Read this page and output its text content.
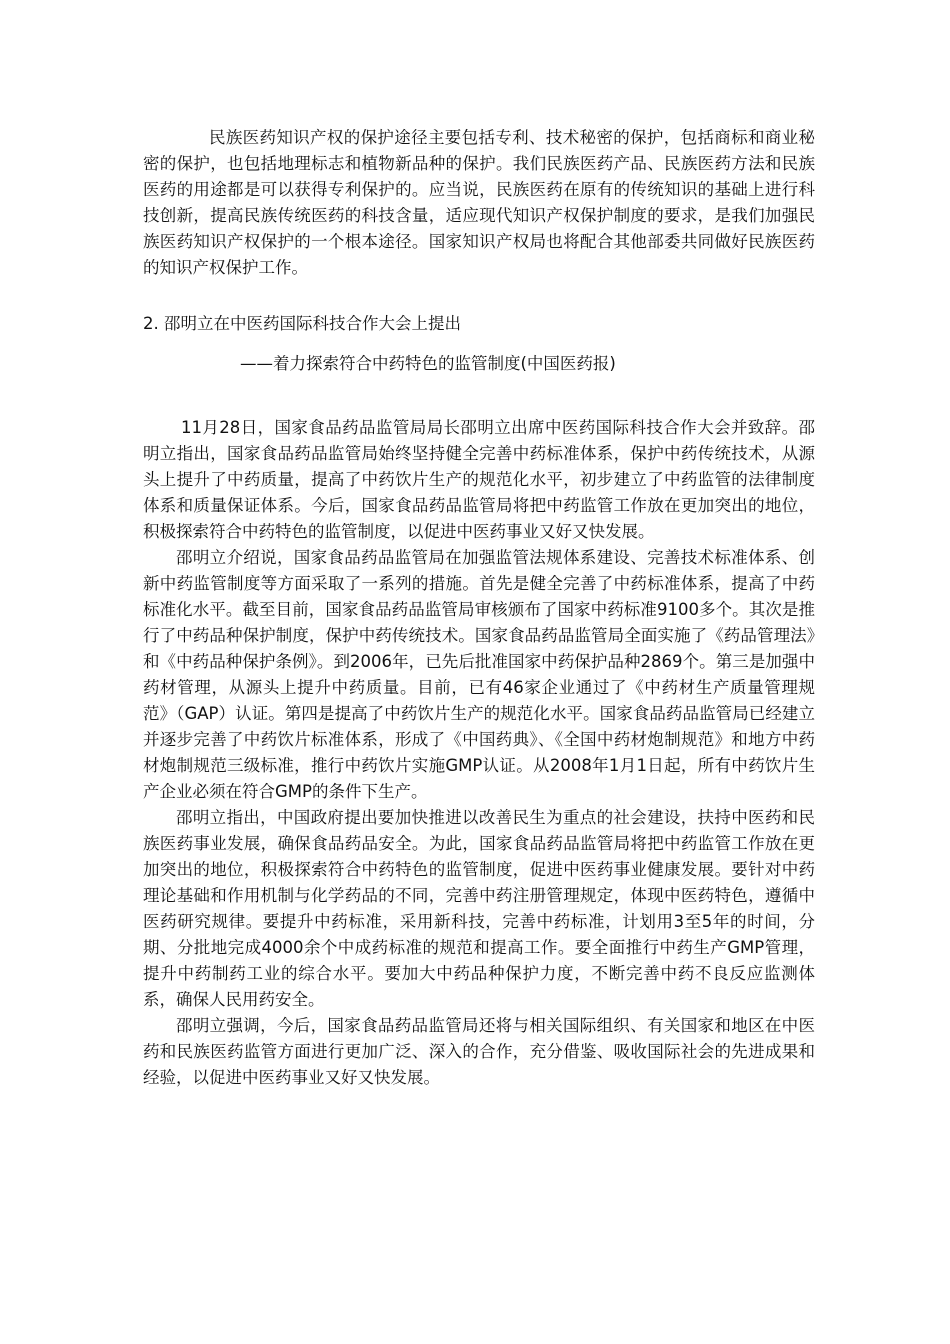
民族医药知识产权的保护途径主要包括专利、技术秘密的保护，包括商标和商业秘密的保护，也包括地理标志和植物新品种的保护。我们民族医药产品、民族医药方法和民族医药的用途都是可以获得专利保护的。应当说，民族医药在原有的传统知识的基础上进行科技创新，提高民族传统医药的科技含量，适应现代知识产权保护制度的要求，是我们加强民族医药知识产权保护的一个根本途径。国家知识产权局也将配合其他部委共同做好民族医药的知识产权保护工作。

2. 邵明立在中医药国际科技合作大会上提出

——着力探索符合中药特色的监管制度(中国医药报)

11月28日，国家食品药品监管局局长邵明立出席中医药国际科技合作大会并致辞。邵明立指出，国家食品药品监管局始终坚持健全完善中药标准体系，保护中药传统技术，从源头上提升了中药质量，提高了中药饮片生产的规范化水平，初步建立了中药监管的法律制度体系和质量保证体系。今后，国家食品药品监管局将把中药监管工作放在更加突出的地位，积极探索符合中药特色的监管制度，以促进中医药事业又好又快发展。

邵明立介绍说，国家食品药品监管局在加强监管法规体系建设、完善技术标准体系、创新中药监管制度等方面采取了一系列的措施。首先是健全完善了中药标准体系，提高了中药标准化水平。截至目前，国家食品药品监管局审核颁布了国家中药标准9100多个。其次是推行了中药品种保护制度，保护中药传统技术。国家食品药品监管局全面实施了《药品管理法》和《中药品种保护条例》。到2006年，已先后批准国家中药保护品种2869个。第三是加强中药材管理，从源头上提升中药质量。目前，已有46家企业通过了《中药材生产质量管理规范》（GAP）认证。第四是提高了中药饮片生产的规范化水平。国家食品药品监管局已经建立并逐步完善了中药饮片标准体系，形成了《中国药典》、《全国中药材炮制规范》和地方中药材炮制规范三级标准，推行中药饮片实施GMP认证。从2008年1月1日起，所有中药饮片生产企业必须在符合GMP的条件下生产。

邵明立指出，中国政府提出要加快推进以改善民生为重点的社会建设，扶持中医药和民族医药事业发展，确保食品药品安全。为此，国家食品药品监管局将把中药监管工作放在更加突出的地位，积极探索符合中药特色的监管制度，促进中医药事业健康发展。要针对中药理论基础和作用机制与化学药品的不同，完善中药注册管理规定，体现中医药特色，遵循中医药研究规律。要提升中药标准，采用新科技，完善中药标准，计划用3至5年的时间，分期、分批地完成4000余个中成药标准的规范和提高工作。要全面推行中药生产GMP管理，提升中药制药工业的综合水平。要加大中药品种保护力度，不断完善中药不良反应监测体系，确保人民用药安全。

邵明立强调，今后，国家食品药品监管局还将与相关国际组织、有关国家和地区在中医药和民族医药监管方面进行更加广泛、深入的合作，充分借鉴、吸收国际社会的先进成果和经验，以促进中医药事业又好又快发展。
